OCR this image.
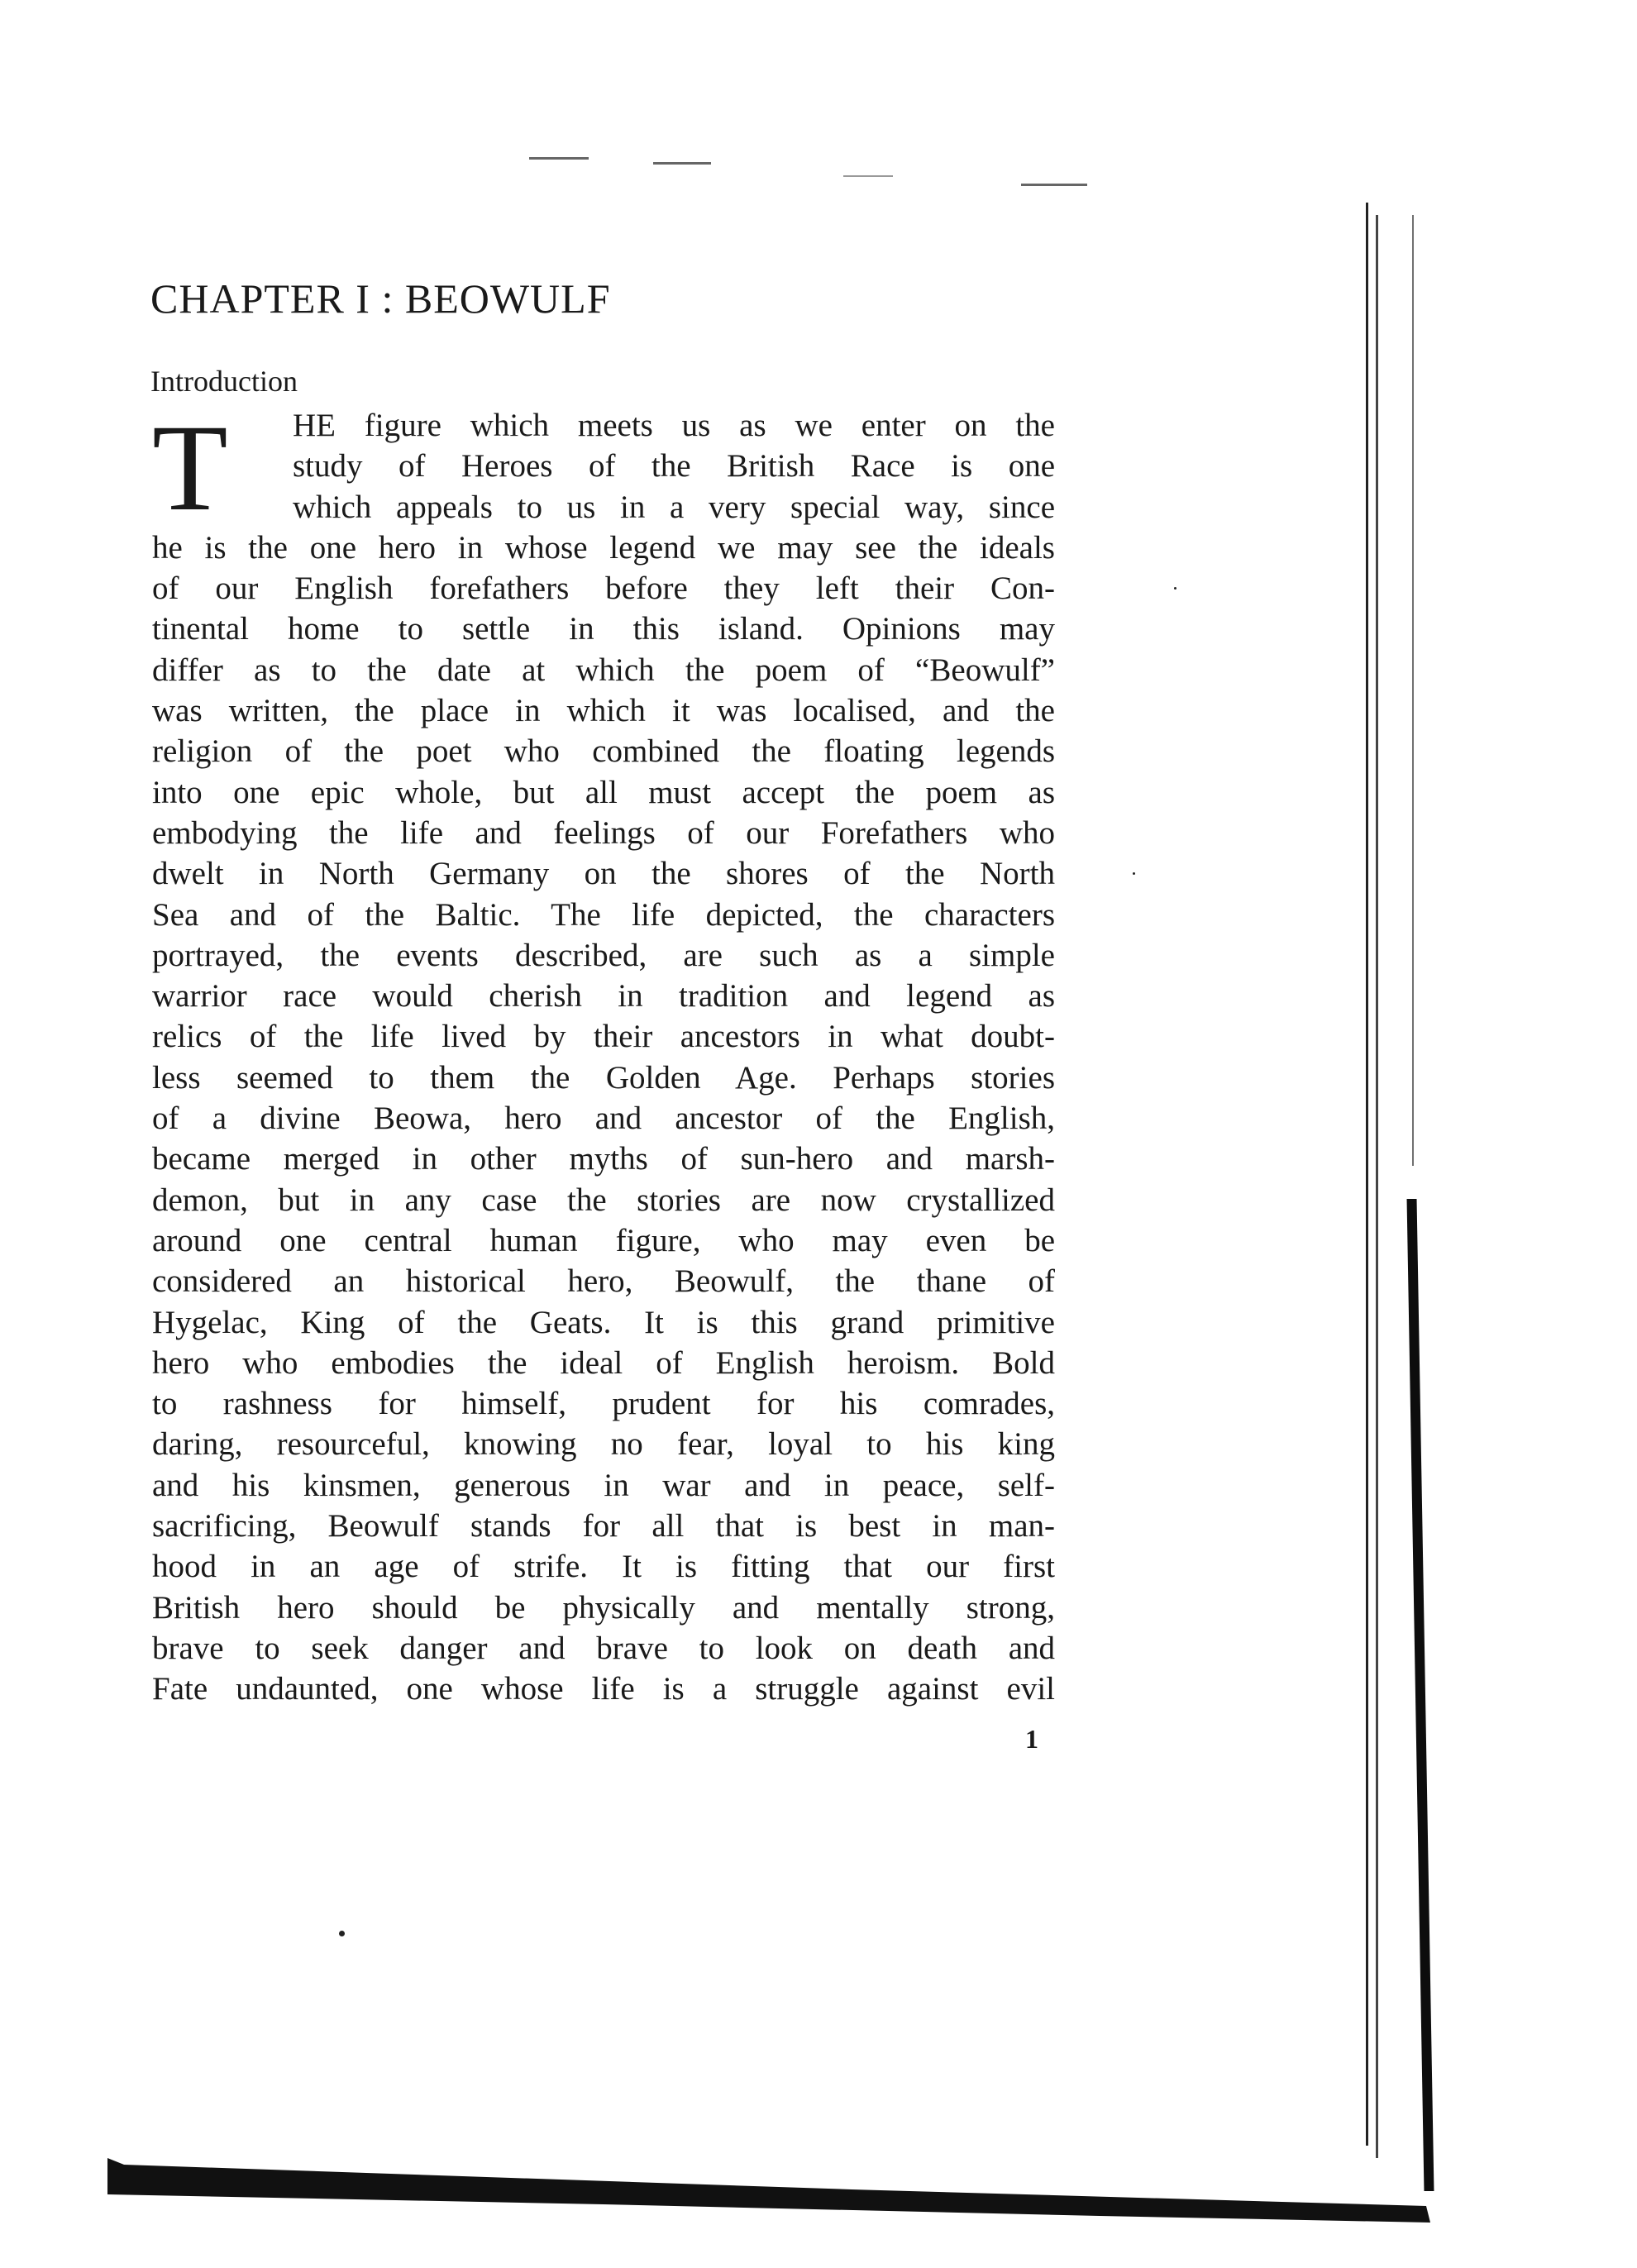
CHAPTER I : BEOWULF
Introduction
T	HE figure which meets us as we enter on the
study of Heroes of the British Race is one
which appeals to us in a very special way, since
he is the one hero in whose legend we may see the ideals
of our English forefathers before they left their Con-
tinental home to settle in this island. Opinions may
differ as to the date at which the poem of “Beowulf”
was written, the place in which it was localised, and the
religion of the poet who combined the floating legends
into one epic whole, but all must accept the poem as
embodying the life and feelings of our Forefathers who
dwelt in North Germany on the shores of the North
Sea and of the Baltic. The life depicted, the characters
portrayed, the events described, are such as a simple
warrior race would cherish in tradition and legend as
relics of the life lived by their ancestors in what doubt-
less seemed to them the Golden Age. Perhaps stories
of a divine Beowa, hero and ancestor of the English,
became merged in other myths of sun-hero and marsh-
demon, but in any case the stories are now crystallized
around one central human figure, who may even be
considered an historical hero, Beowulf, the thane of
Hygelac, King of the Geats. It is this grand primitive
hero who embodies the ideal of English heroism. Bold
to rashness for himself, prudent for his comrades,
daring, resourceful, knowing no fear, loyal to his king
and his kinsmen, generous in war and in peace, self-
sacrificing, Beowulf stands for all that is best in man-
hood in an age of strife. It is fitting that our first
British hero should be physically and mentally strong,
brave to seek danger and brave to look on death and
Fate undaunted, one whose life is a struggle against evil
1
